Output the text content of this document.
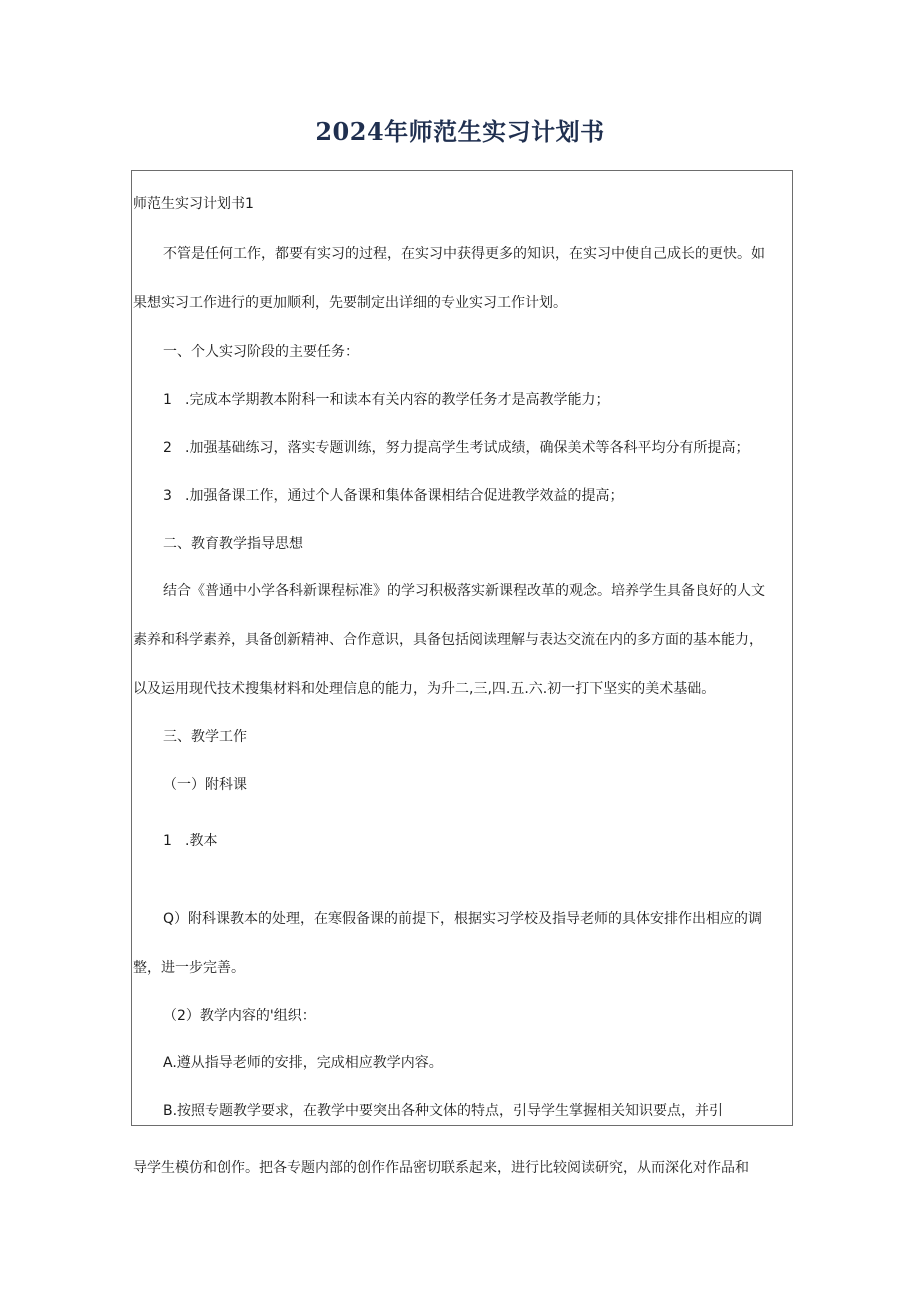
2024年师范生实习计划书
师范生实习计划书1
不管是任何工作，都要有实习的过程，在实习中获得更多的知识，在实习中使自己成长的更快。如
果想实习工作进行的更加顺利，先要制定出详细的专业实习工作计划。
一、个人实习阶段的主要任务：
1 .完成本学期教本附科一和读本有关内容的教学任务才是高教学能力；
2 .加强基础练习，落实专题训练，努力提高学生考试成绩，确保美术等各科平均分有所提高；
3 .加强备课工作，通过个人备课和集体备课相结合促进教学效益的提高；
二、教育教学指导思想
结合《普通中小学各科新课程标准》的学习积极落实新课程改革的观念。培养学生具备良好的人文
素养和科学素养，具备创新精神、合作意识，具备包括阅读理解与表达交流在内的多方面的基本能力，
以及运用现代技术搜集材料和处理信息的能力，为升二,三,四.五.六.初一打下坚实的美术基础。
三、教学工作
（一）附科课
1 .教本
Q）附科课教本的处理，在寒假备课的前提下，根据实习学校及指导老师的具体安排作出相应的调
整，进一步完善。
（2）教学内容的'组织：
A.遵从指导老师的安排，完成相应教学内容。
B.按照专题教学要求，在教学中要突出各种文体的特点，引导学生掌握相关知识要点，并引
导学生模仿和创作。把各专题内部的创作作品密切联系起来，进行比较阅读研究，从而深化对作品和
